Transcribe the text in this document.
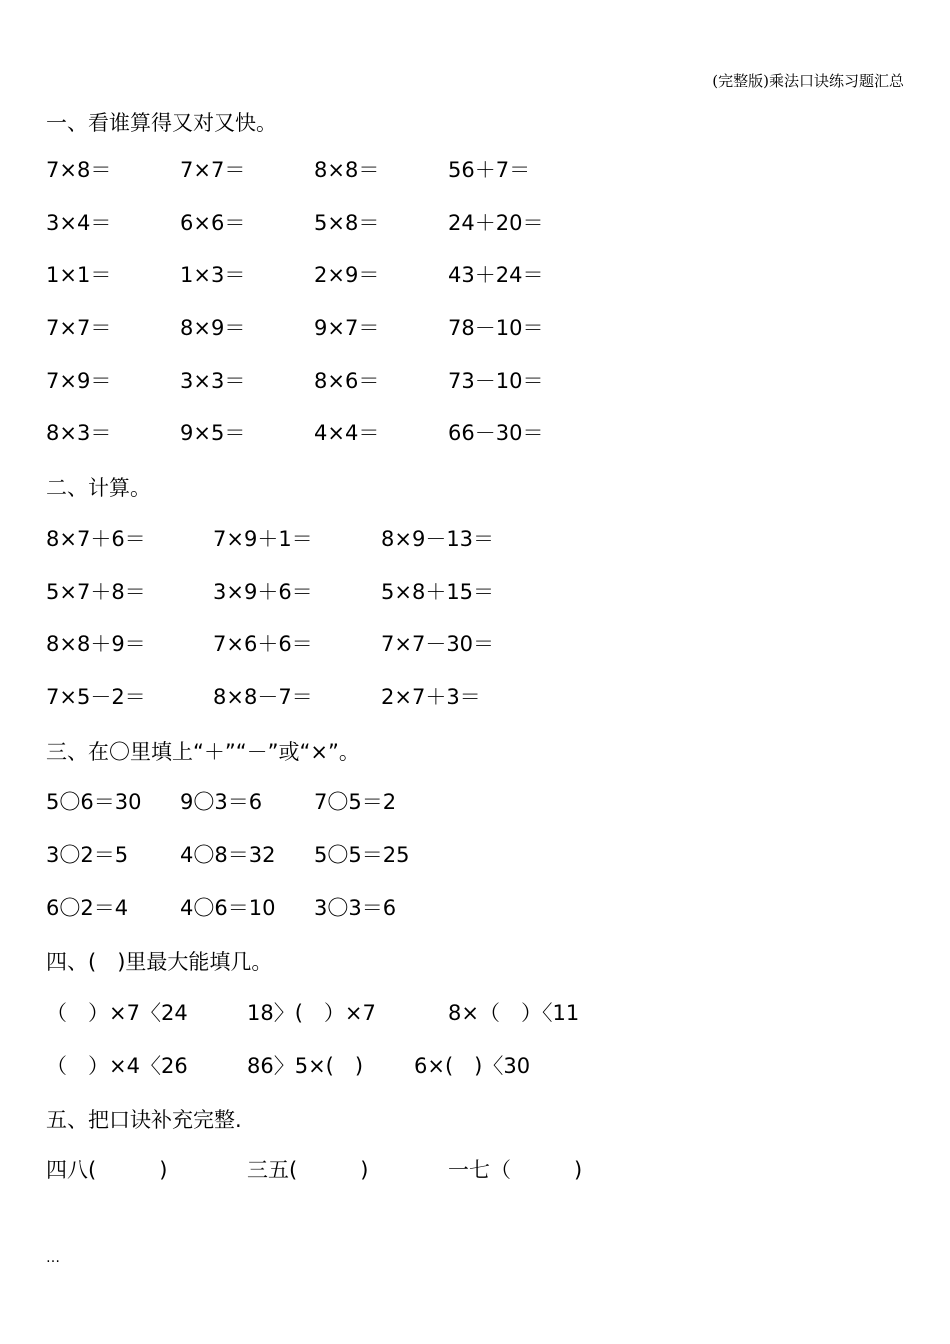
(完整版)乘法口诀练习题汇总
一、看谁算得又对又快。
7×8＝	7×7＝	8×8＝	56＋7＝
3×4＝	6×6＝	5×8＝	24＋20＝
1×1＝	1×3＝	2×9＝	43＋24＝
7×7＝	8×9＝	9×7＝	78－10＝
7×9＝	3×3＝	8×6＝	73－10＝
8×3＝	9×5＝	4×4＝	66－30＝
二、计算。
8×7＋6＝	7×9＋1＝	8×9－13＝
5×7＋8＝	3×9＋6＝	5×8＋15＝
8×8＋9＝	7×6＋6＝	7×7－30＝
7×5－2＝	8×8－7＝	2×7＋3＝
三、在〇里填上“＋”“－”或“×”。
5〇6＝30 9〇3＝6 7〇5＝2
3〇2＝5 4〇8＝32 5〇5＝25
6〇2＝4 4〇6＝10 3〇3＝6
四、(　)里最大能填几。
（　）×7〈24	18〉(　）×7	8×（　）〈11
（　）×4〈26	86〉5×(　) 6×(　)〈30
五、把口诀补充完整.
四八(　　　)	三五(　　　)	一七（　　　)
…
